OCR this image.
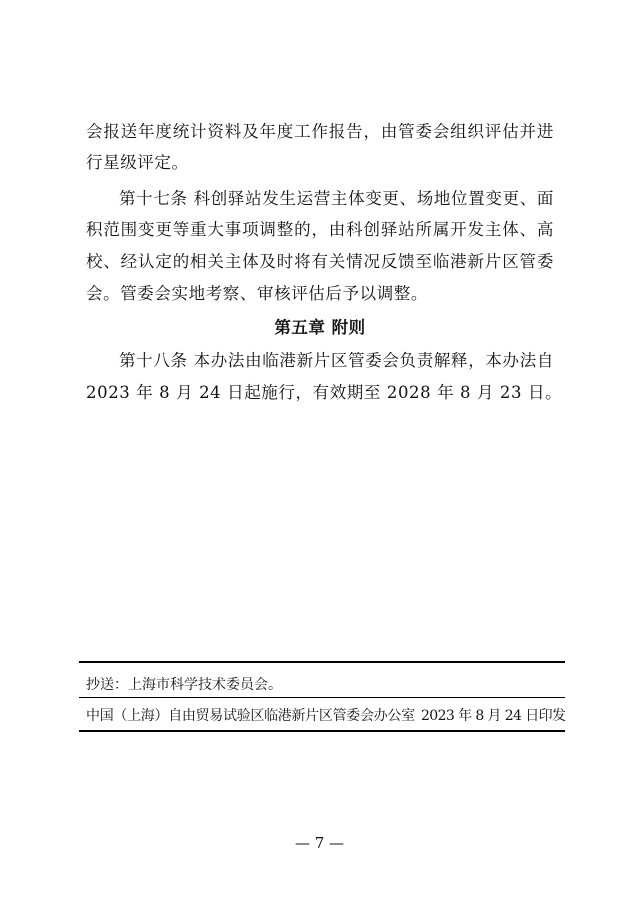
会报送年度统计资料及年度工作报告，由管委会组织评估并进
行星级评定。
第十七条 科创驿站发生运营主体变更、场地位置变更、面
积范围变更等重大事项调整的，由科创驿站所属开发主体、高
校、经认定的相关主体及时将有关情况反馈至临港新片区管委
会。管委会实地考察、审核评估后予以调整。
第五章 附则
第十八条 本办法由临港新片区管委会负责解释，本办法自
2023 年 8 月 24 日起施行，有效期至 2028 年 8 月 23 日。
抄送：上海市科学技术委员会。
中国（上海）自由贸易试验区临港新片区管委会办公室 2023 年 8 月 24 日印发
— 7 —
